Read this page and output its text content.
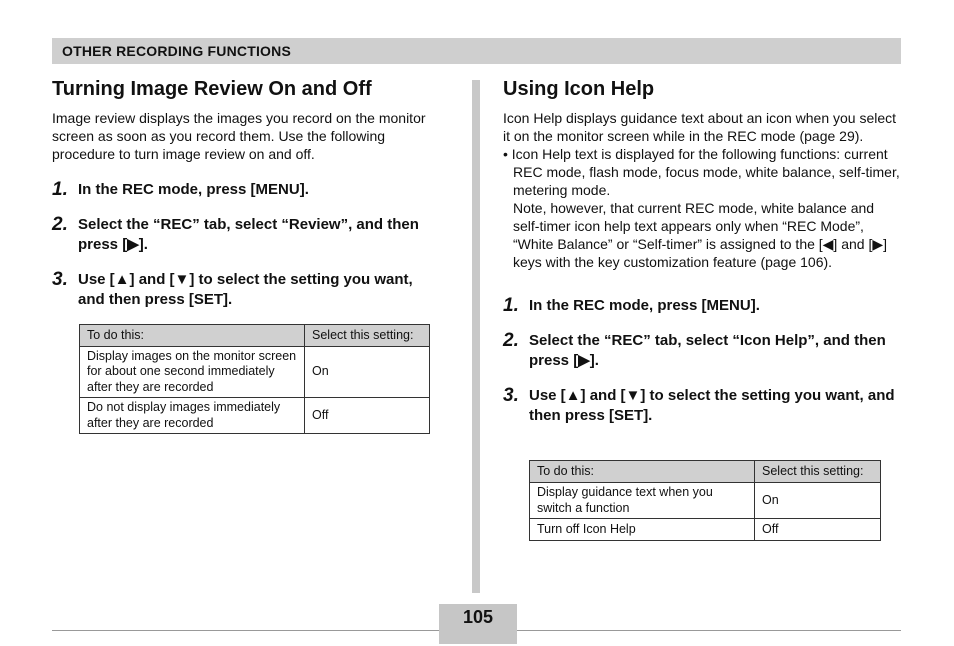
OTHER RECORDING FUNCTIONS
Turning Image Review On and Off
Image review displays the images you record on the monitor screen as soon as you record them. Use the following procedure to turn image review on and off.
1. In the REC mode, press [MENU].
2. Select the “REC” tab, select “Review”, and then press [▶].
3. Use [▲] and [▼] to select the setting you want, and then press [SET].
To do this:	Select this setting:
Display images on the monitor screen for about one second immediately after they are recorded	On
Do not display images immediately after they are recorded	Off
Using Icon Help
Icon Help displays guidance text about an icon when you select it on the monitor screen while in the REC mode (page 29).
• Icon Help text is displayed for the following functions: current REC mode, flash mode, focus mode, white balance, self-timer, metering mode.
Note, however, that current REC mode, white balance and self-timer icon help text appears only when “REC Mode”, “White Balance” or “Self-timer” is assigned to the [◀] and [▶] keys with the key customization feature (page 106).
1. In the REC mode, press [MENU].
2. Select the “REC” tab, select “Icon Help”, and then press [▶].
3. Use [▲] and [▼] to select the setting you want, and then press [SET].
To do this:	Select this setting:
Display guidance text when you switch a function	On
Turn off Icon Help	Off
105
